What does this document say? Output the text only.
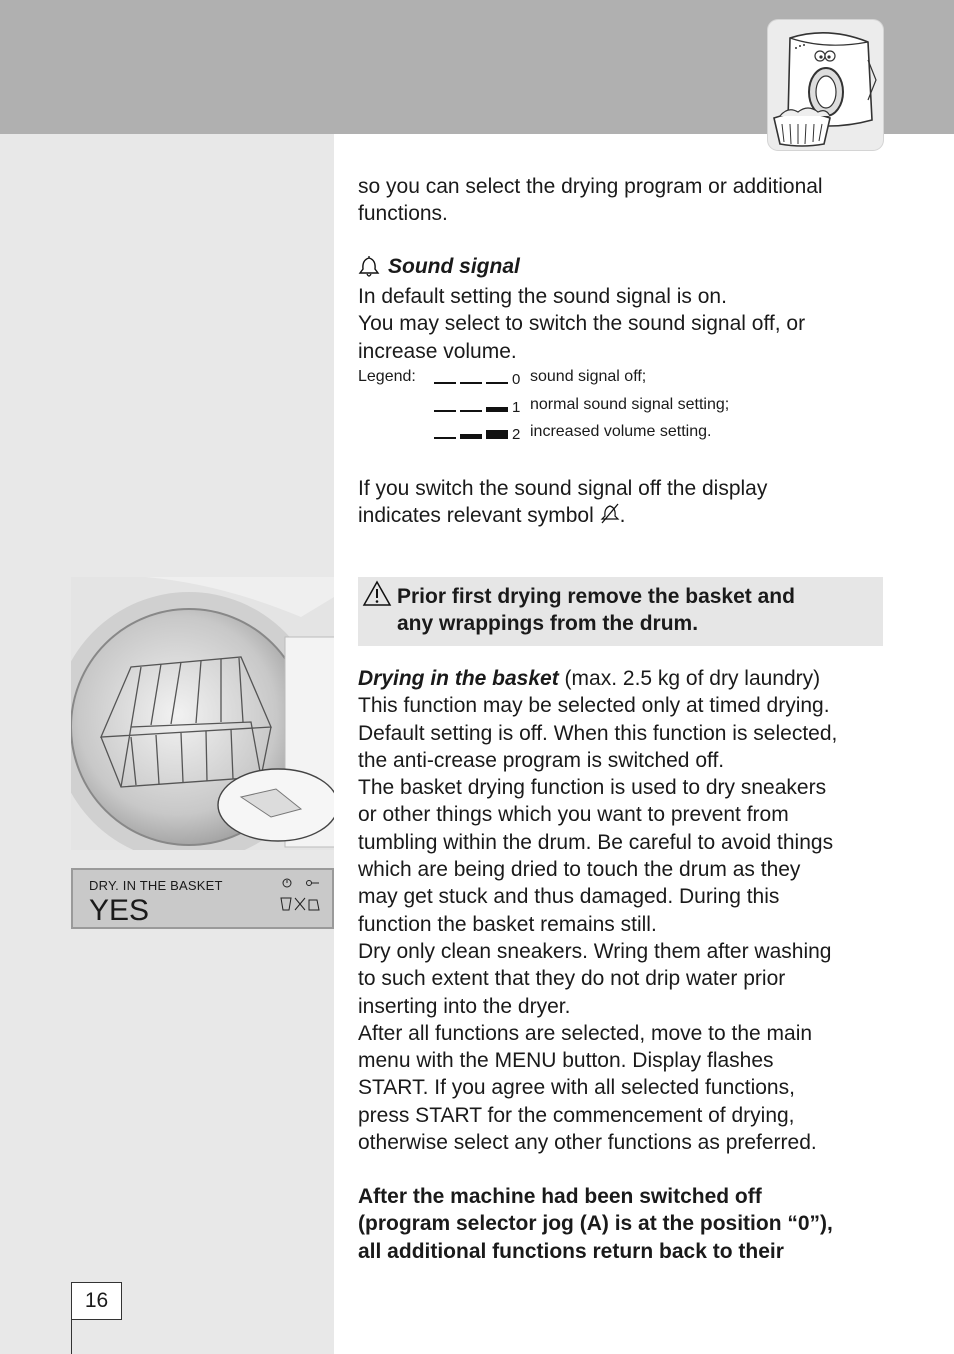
so you can select the drying program or additional

functions.

Sound signal

In default setting the sound signal is on.

You may select to switch the sound signal off, or

increase volume.

Legend:	0 sound signal off;
1 normal sound signal setting;
2 increased volume setting.

If you switch the sound signal off the display

indicates relevant symbol .

DRY. IN THE BASKET
YES
Prior first drying remove the basket and
any wrappings from the drum.

Drying in the basket (max. 2.5 kg of dry laundry)

This function may be selected only at timed drying.

Default setting is off. When this function is selected,

the anti-crease program is switched off.

The basket drying function is used to dry sneakers

or other things which you want to prevent from

tumbling within the drum. Be careful to avoid things

which are being dried to touch the drum as they

may get stuck and thus damaged. During this

function the basket remains still.

Dry only clean sneakers. Wring them after washing

to such extent that they do not drip water prior

inserting into the dryer.

After all functions are selected, move to the main

menu with the MENU button. Display flashes

START. If you agree with all selected functions,

press START for the commencement of drying,

otherwise select any other functions as preferred.

After the machine had been switched off

(program selector jog (A) is at the position “0”),

all additional functions return back to their

16
